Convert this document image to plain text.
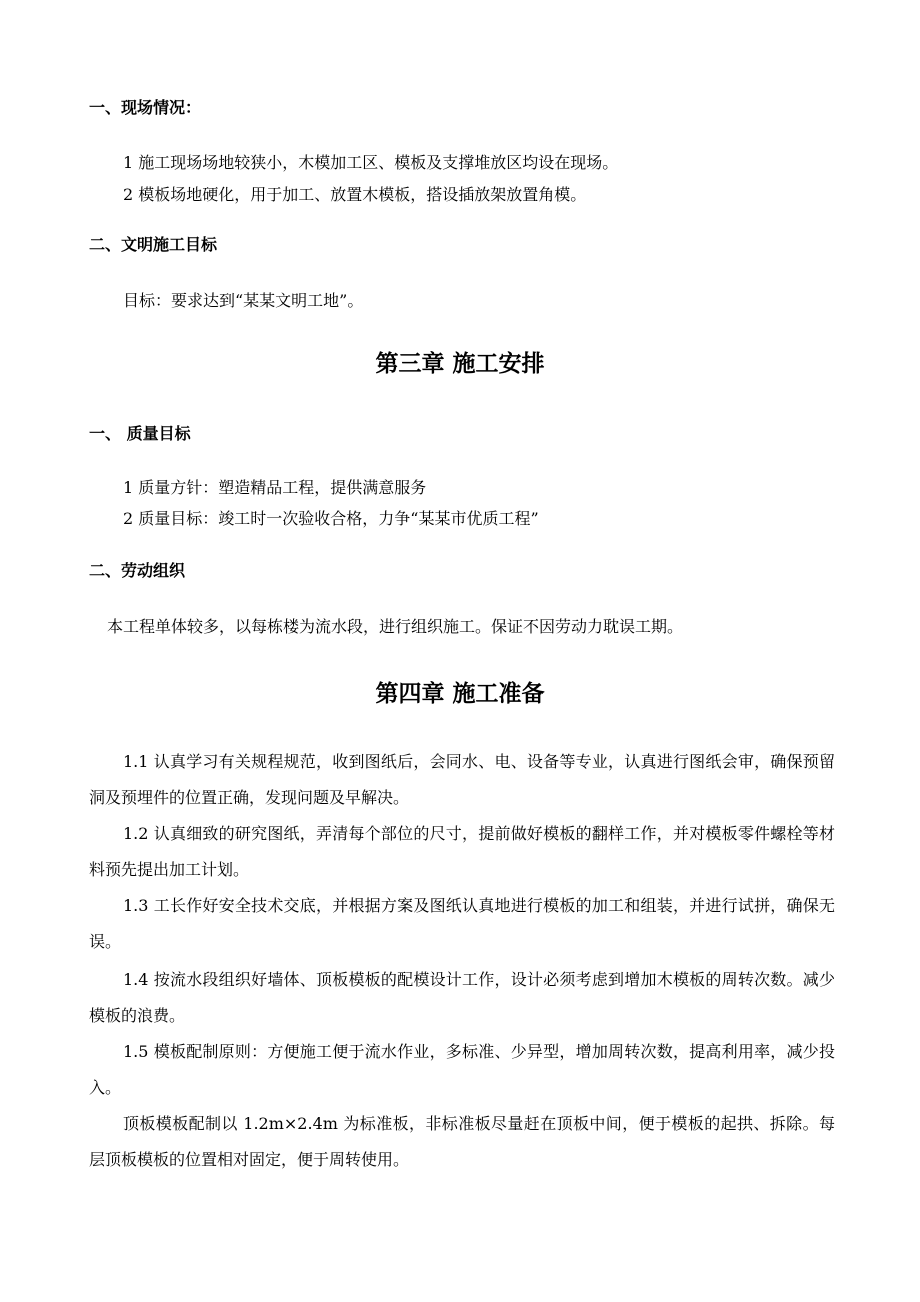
一、现场情况：
1 施工现场场地较狭小，木模加工区、模板及支撑堆放区均设在现场。
2 模板场地硬化，用于加工、放置木模板，搭设插放架放置角模。
二、文明施工目标
目标：要求达到“某某文明工地”。
第三章 施工安排
一、 质量目标
1 质量方针：塑造精品工程，提供满意服务
2 质量目标：竣工时一次验收合格，力争“某某市优质工程”
二、劳动组织
本工程单体较多，以每栋楼为流水段，进行组织施工。保证不因劳动力耽误工期。
第四章 施工准备
1.1 认真学习有关规程规范，收到图纸后，会同水、电、设备等专业，认真进行图纸会审，确保预留洞及预埋件的位置正确，发现问题及早解决。
1.2 认真细致的研究图纸，弄清每个部位的尺寸，提前做好模板的翻样工作，并对模板零件螺栓等材料预先提出加工计划。
1.3 工长作好安全技术交底，并根据方案及图纸认真地进行模板的加工和组装，并进行试拼，确保无误。
1.4 按流水段组织好墙体、顶板模板的配模设计工作，设计必须考虑到增加木模板的周转次数。减少模板的浪费。
1.5 模板配制原则：方便施工便于流水作业，多标准、少异型，增加周转次数，提高利用率，减少投入。
顶板模板配制以 1.2m×2.4m 为标准板，非标准板尽量赶在顶板中间，便于模板的起拱、拆除。每层顶板模板的位置相对固定，便于周转使用。
